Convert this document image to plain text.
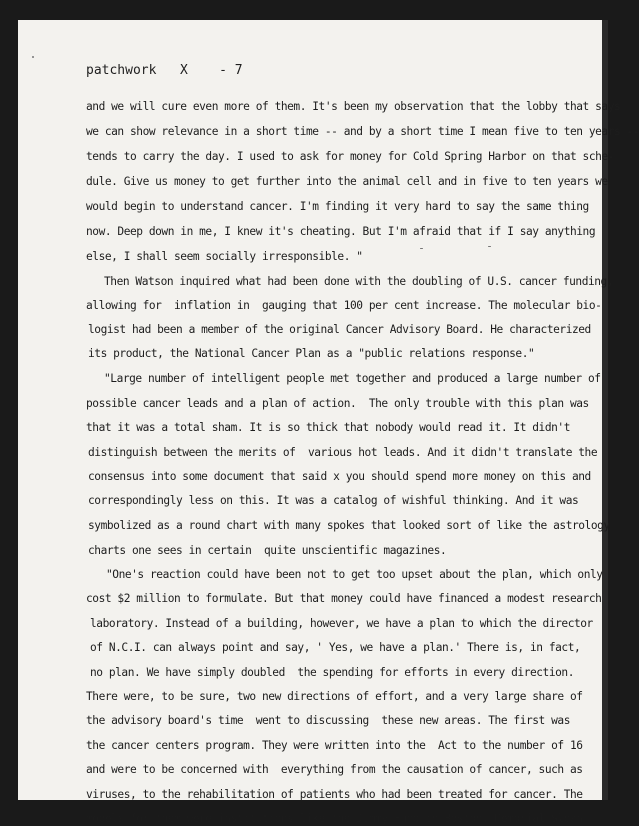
patchwork X - 7
and we will cure even more of them. It's been my observation that the lobby that says
we can show relevance in a short time -- and by a short time I mean five to ten years --
tends to carry the day. I used to ask for money for Cold Spring Harbor on that sche-
dule. Give us money to get further into the animal cell and in five to ten years we
would begin to understand cancer. I'm finding it very hard to say the same thing
now. Deep down in me, I knew it's cheating. But I'm afraid that if I say anything
else, I shall seem socially irresponsible. "
Then Watson inquired what had been done with the doubling of U.S. cancer funding,
allowing for  inflation in  gauging that 100 per cent increase. The molecular bio-
logist had been a member of the original Cancer Advisory Board. He characterized
its product, the National Cancer Plan as a "public relations response."
"Large number of intelligent people met together and produced a large number of
possible cancer leads and a plan of action.  The only trouble with this plan was
that it was a total sham. It is so thick that nobody would read it. It didn't
distinguish between the merits of  various hot leads. And it didn't translate the
consensus into some document that said x you should spend more money on this and
correspondingly less on this. It was a catalog of wishful thinking. And it was
symbolized as a round chart with many spokes that looked sort of like the astrology
charts one sees in certain  quite unscientific magazines.
"One's reaction could have been not to get too upset about the plan, which only
cost $2 million to formulate. But that money could have financed a modest research
laboratory. Instead of a building, however, we have a plan to which the director
of N.C.I. can always point and say, ' Yes, we have a plan.' There is, in fact,
no plan. We have simply doubled  the spending for efforts in every direction.
There were, to be sure, two new directions of effort, and a very large share of
the advisory board's time  went to discussing  these new areas. The first was
the cancer centers program. They were written into the  Act to the number of 16
and were to be concerned with  everything from the causation of cancer, such as
viruses, to the rehabilitation of patients who had been treated for cancer. The
models for them were institutions like the Jimmy Fund in Boston, Memorial Sloan
